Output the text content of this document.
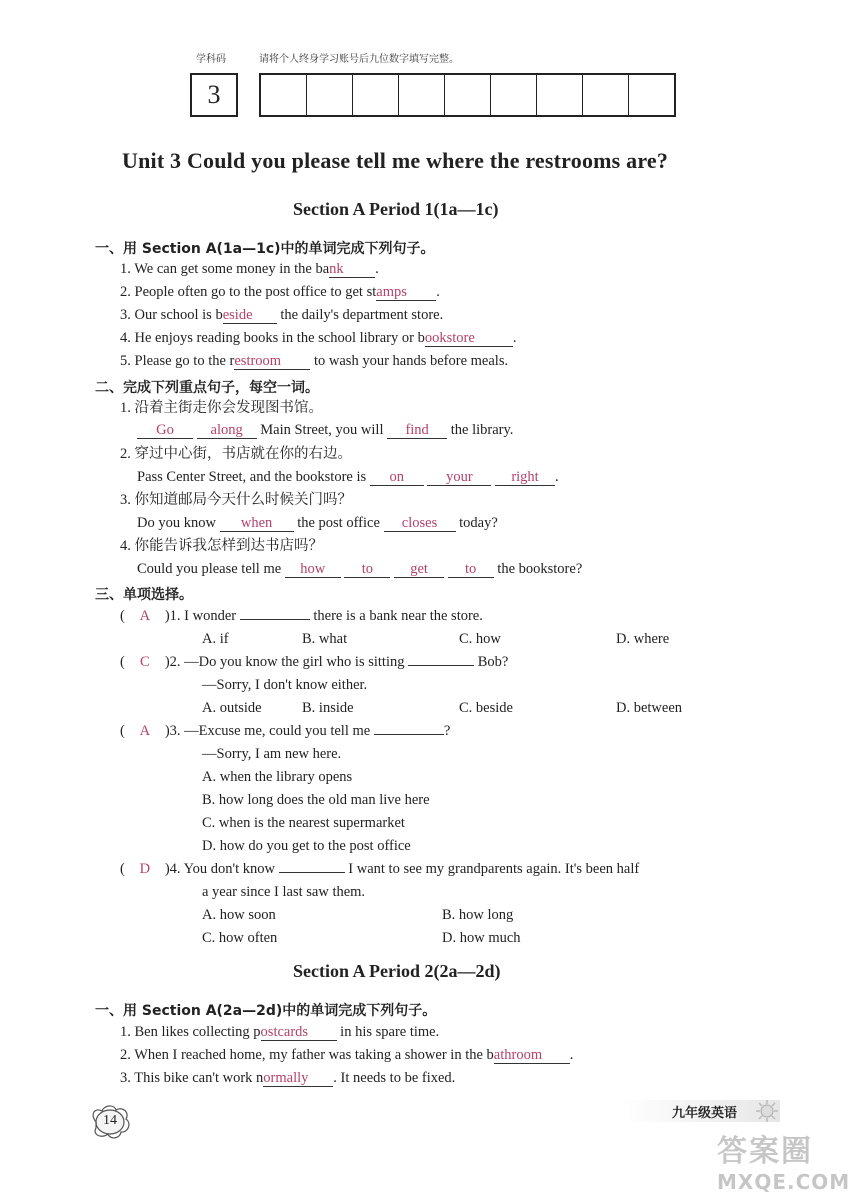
学科码	请将个人终身学习账号后九位数字填写完整。
3
Unit 3 Could you please tell me where the restrooms are?
Section A Period 1(1a—1c)
一、用 Section A(1a—1c)中的单词完成下列句子。
1. We can get some money in the bank .
2. People often go to the post office to get stamps .
3. Our school is beside the daily's department store.
4. He enjoys reading books in the school library or bookstore	.
5. Please go to the restroom to wash your hands before meals.
二、完成下列重点句子，每空一词。
1. 沿着主街走你会发现图书馆。
Go	along Main Street, you will find the library.
2. 穿过中心街，书店就在你的右边。
Pass Center Street, and the bookstore is on	your	right .
3. 你知道邮局今天什么时候关门吗？
Do you know when the post office closes today?
4. 你能告诉我怎样到达书店吗？
Could you please tell me how	to	get	to the bookstore?
三、单项选择。
( A )1. I wonder	there is a bank near the store.
A. if	B. what	C. how	D. where
( C )2. —Do you know the girl who is sitting	Bob?
—Sorry, I don't know either.
A. outside	B. inside	C. beside	D. between
( A )3. —Excuse me, could you tell me	?
—Sorry, I am new here.
A. when the library opens
B. how long does the old man live here
C. when is the nearest supermarket
D. how do you get to the post office
( D )4. You don't know	I want to see my grandparents again. It's been half
a year since I last saw them.
A. how soon	B. how long
C. how often	D. how much
Section A Period 2(2a—2d)
一、用 Section A(2a—2d)中的单词完成下列句子。
1. Ben likes collecting postcards in his spare time.
2. When I reached home, my father was taking a shower in the bathroom .
3. This bike can't work normally . It needs to be fixed.
14	九年级英语
答案圈
MXQE.COM
